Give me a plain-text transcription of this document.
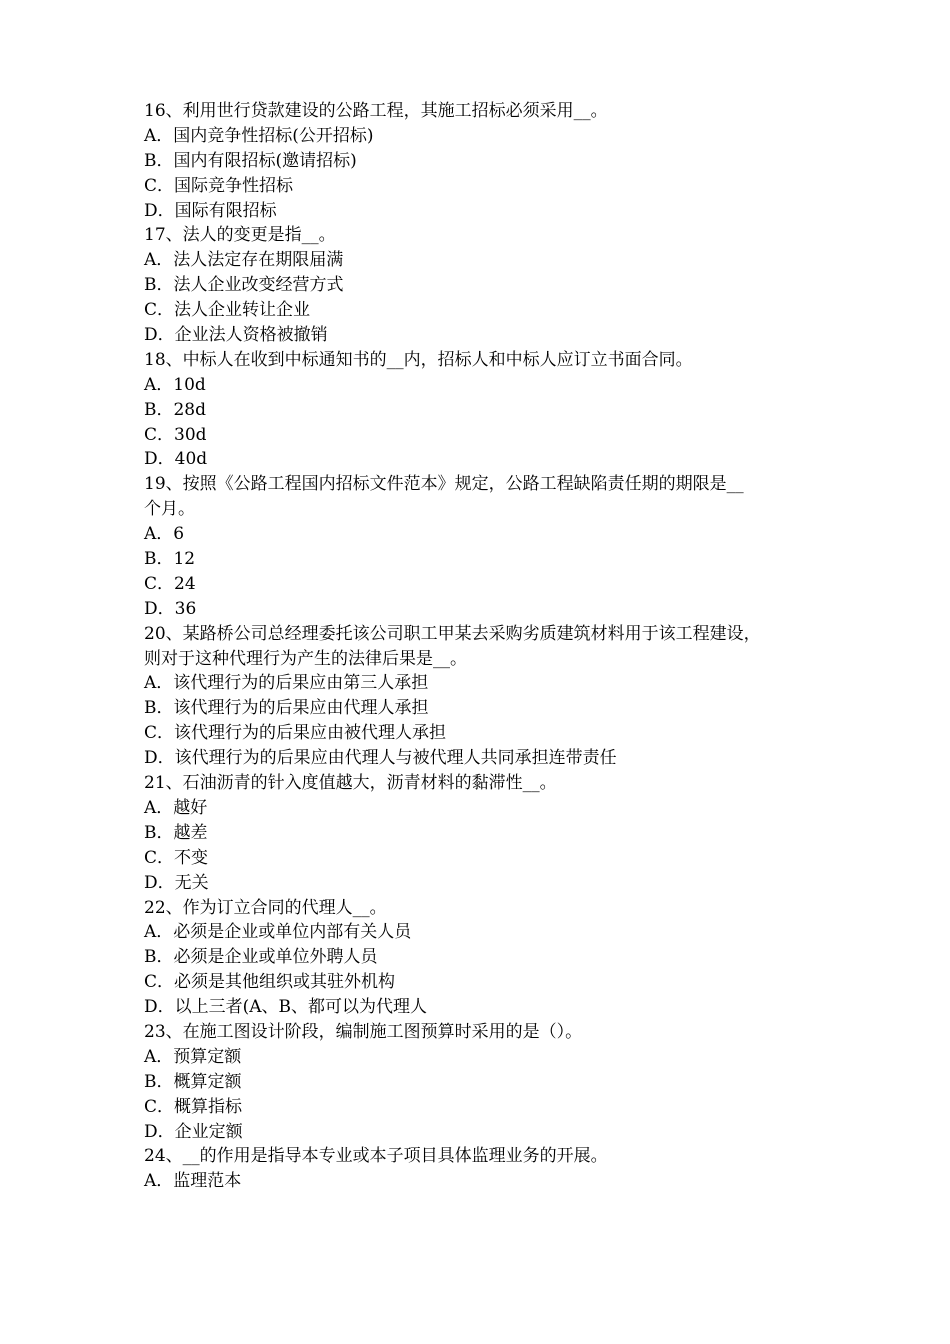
16、利用世行贷款建设的公路工程，其施工招标必须采用__。
A．国内竞争性招标(公开招标)
B．国内有限招标(邀请招标)
C．国际竞争性招标
D．国际有限招标
17、法人的变更是指__。
A．法人法定存在期限届满
B．法人企业改变经营方式
C．法人企业转让企业
D．企业法人资格被撤销
18、中标人在收到中标通知书的__内，招标人和中标人应订立书面合同。
A．10d
B．28d
C．30d
D．40d
19、按照《公路工程国内招标文件范本》规定，公路工程缺陷责任期的期限是__
个月。
A．6
B．12
C．24
D．36
20、某路桥公司总经理委托该公司职工甲某去采购劣质建筑材料用于该工程建设，
则对于这种代理行为产生的法律后果是__。
A．该代理行为的后果应由第三人承担
B．该代理行为的后果应由代理人承担
C．该代理行为的后果应由被代理人承担
D．该代理行为的后果应由代理人与被代理人共同承担连带责任
21、石油沥青的针入度值越大，沥青材料的黏滞性__。
A．越好
B．越差
C．不变
D．无关
22、作为订立合同的代理人__。
A．必须是企业或单位内部有关人员
B．必须是企业或单位外聘人员
C．必须是其他组织或其驻外机构
D．以上三者(A、B、都可以为代理人
23、在施工图设计阶段，编制施工图预算时采用的是（）。
A．预算定额
B．概算定额
C．概算指标
D．企业定额
24、__的作用是指导本专业或本子项目具体监理业务的开展。
A．监理范本
